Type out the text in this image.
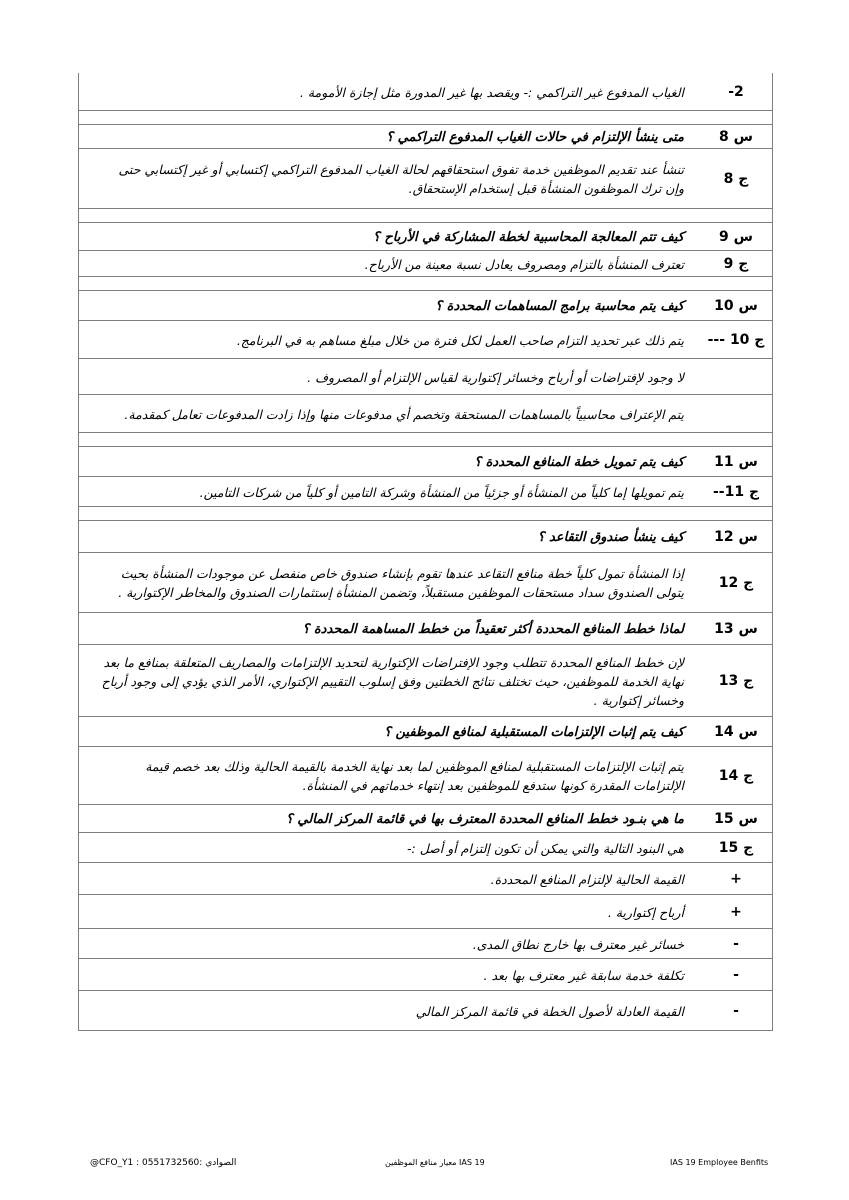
2-
الغياب المدفوع غير التراكمي :- ويقصد بها غير المدورة مثل إجازة الأمومة .
س 8
متى ينشأ الإلتزام في حالات الغياب المدفوع التراكمي ؟
ج 8
تنشأ عند تقديم الموظفين خدمة تفوق استحقاقهم لحالة الغياب المدفوع التراكمي إكتسابي أو غير إكتسابي حتى وإن ترك الموظفون المنشأة قبل إستخدام الإستحقاق.
س 9
كيف تتم المعالجة المحاسبية لخطة المشاركة في الأرباح ؟
ج 9
تعترف المنشأة بالتزام ومصروف يعادل نسبة معينة من الأرباح.
س 10
كيف يتم محاسبة برامج المساهمات المحددة ؟
ج 10 ---
يتم ذلك عبر تحديد التزام صاحب العمل لكل فترة من خلال مبلغ مساهم به في البرنامج.
لا وجود لإفتراضات أو أرباح وخسائر إكتوارية لقياس الإلتزام أو المصروف .
يتم الإعتراف محاسبياً بالمساهمات المستحقة وتخصم أي مدفوعات منها وإذا زادت المدفوعات تعامل كمقدمة.
س 11
كيف يتم تمويل خطة المنافع المحددة ؟
ج 11--
يتم تمويلها إما كلياً من المنشأة أو جزئياً من المنشأة وشركة التامين أو كلياً من شركات التامين.
س 12
كيف ينشأ صندوق التقاعد ؟
ج 12
إذا المنشأة تمول كلياً خطة منافع التقاعد عندها تقوم بإنشاء صندوق خاص منفصل عن موجودات المنشأة بحيث يتولى الصندوق سداد مستحقات الموظفين مستقبلاً، وتضمن المنشأة إستثمارات الصندوق والمخاطر الإكتوارية .
س 13
لماذا خطط المنافع المحددة أكثر تعقيداً من خطط المساهمة المحددة ؟
ج 13
لإن خطط المنافع المحددة تتطلب وجود الإفتراضات الإكتوارية لتحديد الإلتزامات والمصاريف المتعلقة بمنافع ما بعد نهاية الخدمة للموظفين، حيث تختلف نتائج الخطتين وفق إسلوب التقييم الإكتواري، الأمر الذي يؤدي إلى وجود أرباح وخسائر إكتوارية .
س 14
كيف يتم إثبات الإلتزامات المستقبلية لمنافع الموظفين ؟
ج 14
يتم إثبات الإلتزامات المستقبلية لمنافع الموظفين لما بعد نهاية الخدمة بالقيمة الحالية وذلك بعد خصم قيمة الإلتزامات المقدرة كونها ستدفع للموظفين بعد إنتهاء خدماتهم في المنشأة.
س 15
ما هي بنـود خطط المنافع المحددة المعترف بها في قائمة المركز المالي ؟
ج 15
هي البنود التالية والتي يمكن أن تكون إلتزام أو أصل :-
+
القيمة الحالية لإلتزام المنافع المحددة.
+
أرباح إكتوارية .
-
خسائر غير معترف بها خارج نطاق المدى.
-
تكلفة خدمة سابقة غير معترف بها بعد .
-
القيمة العادلة لأصول الخطة في قائمة المركز المالي
@CFO_Y1 : 0551732560: الصوادي	معيار منافع الموظفين IAS 19	IAS 19 Employee Benfits
